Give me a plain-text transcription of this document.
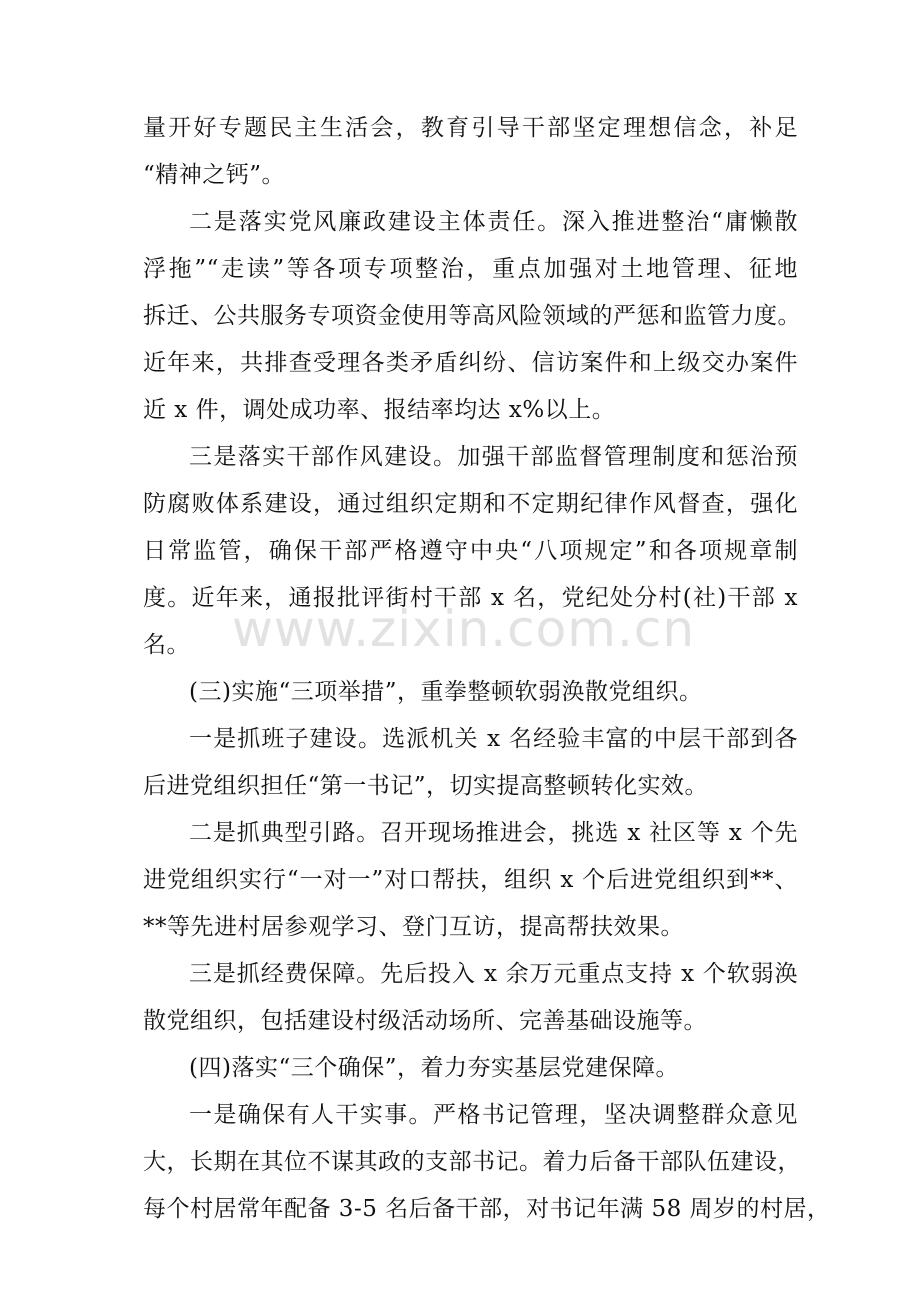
量开好专题民主生活会，教育引导干部坚定理想信念，补足
“精神之钙”。
二是落实党风廉政建设主体责任。深入推进整治“庸懒散
浮拖”“走读”等各项专项整治，重点加强对土地管理、征地
拆迁、公共服务专项资金使用等高风险领域的严惩和监管力度。
近年来，共排查受理各类矛盾纠纷、信访案件和上级交办案件
近 x 件，调处成功率、报结率均达 x%以上。
三是落实干部作风建设。加强干部监督管理制度和惩治预
防腐败体系建设，通过组织定期和不定期纪律作风督查，强化
日常监管，确保干部严格遵守中央“八项规定”和各项规章制
度。近年来，通报批评街村干部 x 名，党纪处分村(社)干部 x
名。
(三)实施“三项举措”，重拳整顿软弱涣散党组织。
一是抓班子建设。选派机关 x 名经验丰富的中层干部到各
后进党组织担任“第一书记”，切实提高整顿转化实效。
二是抓典型引路。召开现场推进会，挑选 x 社区等 x 个先
进党组织实行“一对一”对口帮扶，组织 x 个后进党组织到**、
**等先进村居参观学习、登门互访，提高帮扶效果。
三是抓经费保障。先后投入 x 余万元重点支持 x 个软弱涣
散党组织，包括建设村级活动场所、完善基础设施等。
(四)落实“三个确保”，着力夯实基层党建保障。
一是确保有人干实事。严格书记管理，坚决调整群众意见
大，长期在其位不谋其政的支部书记。着力后备干部队伍建设，
每个村居常年配备 3-5 名后备干部，对书记年满 58 周岁的村居，
www.zixin.com.cn
